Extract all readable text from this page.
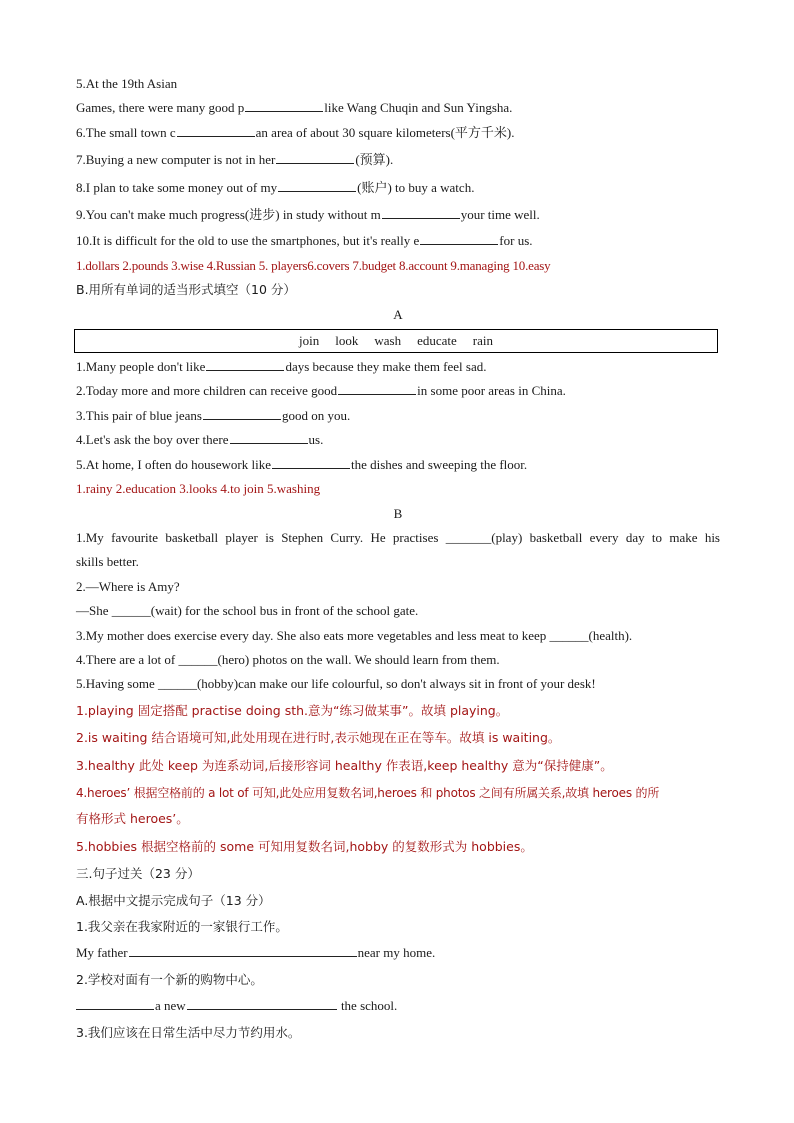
5.At the 19th Asian
Games, there were many good p	like Wang Chuqin and Sun Yingsha.
6.The small town c	an area of about 30 square kilometers(平方千米).
7.Buying a new computer is not in her	(预算).
8.I plan to take some money out of my	(账户) to buy a watch.
9.You can't make much progress(进步) in study without m	your time well.
10.It is difficult for the old to use the smartphones, but it's really e	for us.
1.dollars 2.pounds 3.wise 4.Russian 5. players6.covers 7.budget 8.account 9.managing 10.easy
B.用所有单词的适当形式填空（10 分）
A
join look wash educate rain
1.Many people don't like	days because they make them feel sad.
2.Today more and more children can receive good	in some poor areas in China.
3.This pair of blue jeans	good on you.
4.Let's ask the boy over there	us.
5.At home, I often do housework like	the dishes and sweeping the floor.
1.rainy 2.education 3.looks 4.to join 5.washing
B
1.My favourite basketball player is Stephen Curry. He practises _______(play) basketball every day to make his
skills better.
2.—Where is Amy?
—She ______(wait) for the school bus in front of the school gate.
3.My mother does exercise every day. She also eats more vegetables and less meat to keep ______(health).
4.There are a lot of ______(hero) photos on the wall. We should learn from them.
5.Having some ______(hobby)can make our life colourful, so don't always sit in front of your desk!
1.playing 固定搭配 practise doing sth.意为“练习做某事”。故填 playing。
2.is waiting 结合语境可知,此处用现在进行时,表示她现在正在等车。故填 is waiting。
3.healthy 此处 keep 为连系动词,后接形容词 healthy 作表语,keep healthy 意为“保持健康”。
4.heroes’ 根据空格前的 a lot of 可知,此处应用复数名词,heroes 和 photos 之间有所属关系,故填 heroes 的所
有格形式 heroes’。
5.hobbies 根据空格前的 some 可知用复数名词,hobby 的复数形式为 hobbies。
三.句子过关（23 分）
A.根据中文提示完成句子（13 分）
1.我父亲在我家附近的一家银行工作。
My father	near my home.
2.学校对面有一个新的购物中心。
a new	the school.
3.我们应该在日常生活中尽力节约用水。
